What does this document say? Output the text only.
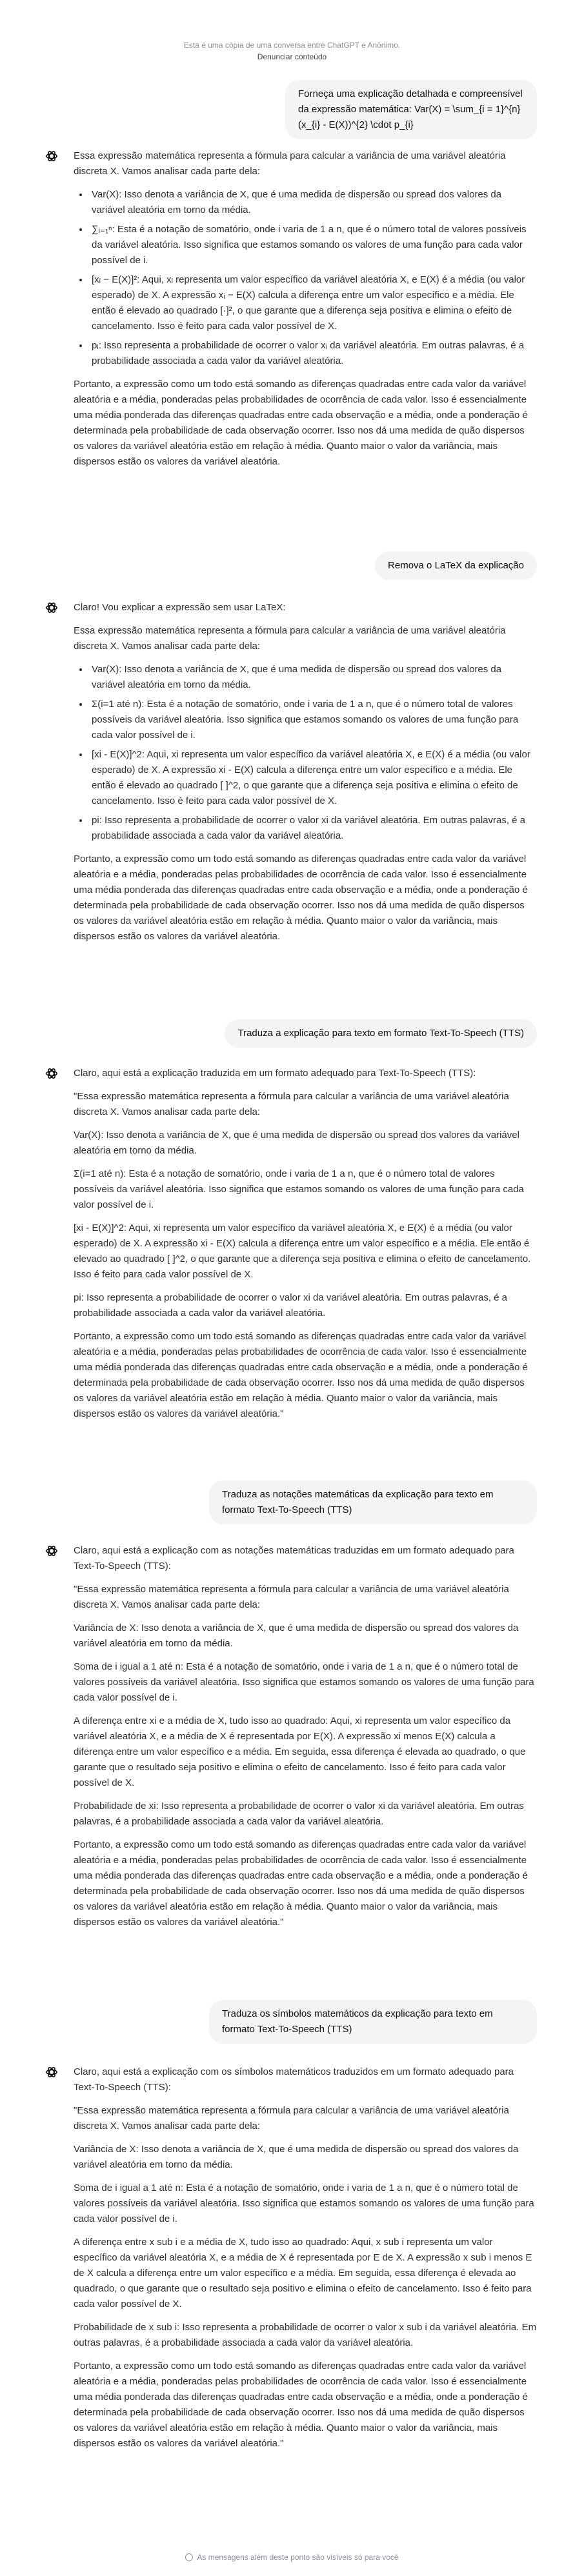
Esta é uma cópia de uma conversa entre ChatGPT e Anônimo.
Denunciar conteúdo
Forneça uma explicação detalhada e compreensível da expressão matemática: Var(X) = \sum_{i = 1}^{n} (x_{i} - E(X))^{2} \cdot p_{i}

Essa expressão matemática representa a fórmula para calcular a variância de uma variável aleatória discreta X. Vamos analisar cada parte dela:

• Var(X): Isso denota a variância de X, que é uma medida de dispersão ou spread dos valores da variável aleatória em torno da média.
• ∑ᵢ₌₁ⁿ: Esta é a notação de somatório, onde i varia de 1 a n, que é o número total de valores possíveis da variável aleatória. Isso significa que estamos somando os valores de uma função para cada valor possível de i.
• [xᵢ − E(X)]²: Aqui, xᵢ representa um valor específico da variável aleatória X, e E(X) é a média (ou valor esperado) de X. A expressão xᵢ − E(X) calcula a diferença entre um valor específico e a média. Ele então é elevado ao quadrado [·]², o que garante que a diferença seja positiva e elimina o efeito de cancelamento. Isso é feito para cada valor possível de X.
• pᵢ: Isso representa a probabilidade de ocorrer o valor xᵢ da variável aleatória. Em outras palavras, é a probabilidade associada a cada valor da variável aleatória.

Portanto, a expressão como um todo está somando as diferenças quadradas entre cada valor da variável aleatória e a média, ponderadas pelas probabilidades de ocorrência de cada valor. Isso é essencialmente uma média ponderada das diferenças quadradas entre cada observação e a média, onde a ponderação é determinada pela probabilidade de cada observação ocorrer. Isso nos dá uma medida de quão dispersos os valores da variável aleatória estão em relação à média. Quanto maior o valor da variância, mais dispersos estão os valores da variável aleatória.

Remova o LaTeX da explicação

Claro! Vou explicar a expressão sem usar LaTeX:

Essa expressão matemática representa a fórmula para calcular a variância de uma variável aleatória discreta X. Vamos analisar cada parte dela:

• Var(X): Isso denota a variância de X, que é uma medida de dispersão ou spread dos valores da variável aleatória em torno da média.
• Σ(i=1 até n): Esta é a notação de somatório, onde i varia de 1 a n, que é o número total de valores possíveis da variável aleatória. Isso significa que estamos somando os valores de uma função para cada valor possível de i.
• [xi - E(X)]^2: Aqui, xi representa um valor específico da variável aleatória X, e E(X) é a média (ou valor esperado) de X. A expressão xi - E(X) calcula a diferença entre um valor específico e a média. Ele então é elevado ao quadrado [ ]^2, o que garante que a diferença seja positiva e elimina o efeito de cancelamento. Isso é feito para cada valor possível de X.
• pi: Isso representa a probabilidade de ocorrer o valor xi da variável aleatória. Em outras palavras, é a probabilidade associada a cada valor da variável aleatória.

Portanto, a expressão como um todo está somando as diferenças quadradas entre cada valor da variável aleatória e a média, ponderadas pelas probabilidades de ocorrência de cada valor. Isso é essencialmente uma média ponderada das diferenças quadradas entre cada observação e a média, onde a ponderação é determinada pela probabilidade de cada observação ocorrer. Isso nos dá uma medida de quão dispersos os valores da variável aleatória estão em relação à média. Quanto maior o valor da variância, mais dispersos estão os valores da variável aleatória.

Traduza a explicação para texto em formato Text-To-Speech (TTS)

Claro, aqui está a explicação traduzida em um formato adequado para Text-To-Speech (TTS):

"Essa expressão matemática representa a fórmula para calcular a variância de uma variável aleatória discreta X. Vamos analisar cada parte dela:

Var(X): Isso denota a variância de X, que é uma medida de dispersão ou spread dos valores da variável aleatória em torno da média.

Σ(i=1 até n): Esta é a notação de somatório, onde i varia de 1 a n, que é o número total de valores possíveis da variável aleatória. Isso significa que estamos somando os valores de uma função para cada valor possível de i.

[xi - E(X)]^2: Aqui, xi representa um valor específico da variável aleatória X, e E(X) é a média (ou valor esperado) de X. A expressão xi - E(X) calcula a diferença entre um valor específico e a média. Ele então é elevado ao quadrado [ ]^2, o que garante que a diferença seja positiva e elimina o efeito de cancelamento. Isso é feito para cada valor possível de X.

pi: Isso representa a probabilidade de ocorrer o valor xi da variável aleatória. Em outras palavras, é a probabilidade associada a cada valor da variável aleatória.

Portanto, a expressão como um todo está somando as diferenças quadradas entre cada valor da variável aleatória e a média, ponderadas pelas probabilidades de ocorrência de cada valor. Isso é essencialmente uma média ponderada das diferenças quadradas entre cada observação e a média, onde a ponderação é determinada pela probabilidade de cada observação ocorrer. Isso nos dá uma medida de quão dispersos os valores da variável aleatória estão em relação à média. Quanto maior o valor da variância, mais dispersos estão os valores da variável aleatória."

Traduza as notações matemáticas da explicação para texto em formato Text-To-Speech (TTS)

Claro, aqui está a explicação com as notações matemáticas traduzidas em um formato adequado para Text-To-Speech (TTS):

"Essa expressão matemática representa a fórmula para calcular a variância de uma variável aleatória discreta X. Vamos analisar cada parte dela:

Variância de X: Isso denota a variância de X, que é uma medida de dispersão ou spread dos valores da variável aleatória em torno da média.

Soma de i igual a 1 até n: Esta é a notação de somatório, onde i varia de 1 a n, que é o número total de valores possíveis da variável aleatória. Isso significa que estamos somando os valores de uma função para cada valor possível de i.

A diferença entre xi e a média de X, tudo isso ao quadrado: Aqui, xi representa um valor específico da variável aleatória X, e a média de X é representada por E(X). A expressão xi menos E(X) calcula a diferença entre um valor específico e a média. Em seguida, essa diferença é elevada ao quadrado, o que garante que o resultado seja positivo e elimina o efeito de cancelamento. Isso é feito para cada valor possível de X.

Probabilidade de xi: Isso representa a probabilidade de ocorrer o valor xi da variável aleatória. Em outras palavras, é a probabilidade associada a cada valor da variável aleatória.

Portanto, a expressão como um todo está somando as diferenças quadradas entre cada valor da variável aleatória e a média, ponderadas pelas probabilidades de ocorrência de cada valor. Isso é essencialmente uma média ponderada das diferenças quadradas entre cada observação e a média, onde a ponderação é determinada pela probabilidade de cada observação ocorrer. Isso nos dá uma medida de quão dispersos os valores da variável aleatória estão em relação à média. Quanto maior o valor da variância, mais dispersos estão os valores da variável aleatória."

Traduza os símbolos matemáticos da explicação para texto em formato Text-To-Speech (TTS)

Claro, aqui está a explicação com os símbolos matemáticos traduzidos em um formato adequado para Text-To-Speech (TTS):

"Essa expressão matemática representa a fórmula para calcular a variância de uma variável aleatória discreta X. Vamos analisar cada parte dela:

Variância de X: Isso denota a variância de X, que é uma medida de dispersão ou spread dos valores da variável aleatória em torno da média.

Soma de i igual a 1 até n: Esta é a notação de somatório, onde i varia de 1 a n, que é o número total de valores possíveis da variável aleatória. Isso significa que estamos somando os valores de uma função para cada valor possível de i.

A diferença entre x sub i e a média de X, tudo isso ao quadrado: Aqui, x sub i representa um valor específico da variável aleatória X, e a média de X é representada por E de X. A expressão x sub i menos E de X calcula a diferença entre um valor específico e a média. Em seguida, essa diferença é elevada ao quadrado, o que garante que o resultado seja positivo e elimina o efeito de cancelamento. Isso é feito para cada valor possível de X.

Probabilidade de x sub i: Isso representa a probabilidade de ocorrer o valor x sub i da variável aleatória. Em outras palavras, é a probabilidade associada a cada valor da variável aleatória.

Portanto, a expressão como um todo está somando as diferenças quadradas entre cada valor da variável aleatória e a média, ponderadas pelas probabilidades de ocorrência de cada valor. Isso é essencialmente uma média ponderada das diferenças quadradas entre cada observação e a média, onde a ponderação é determinada pela probabilidade de cada observação ocorrer. Isso nos dá uma medida de quão dispersos os valores da variável aleatória estão em relação à média. Quanto maior o valor da variância, mais dispersos estão os valores da variável aleatória."

As mensagens além deste ponto são visíveis só para você
